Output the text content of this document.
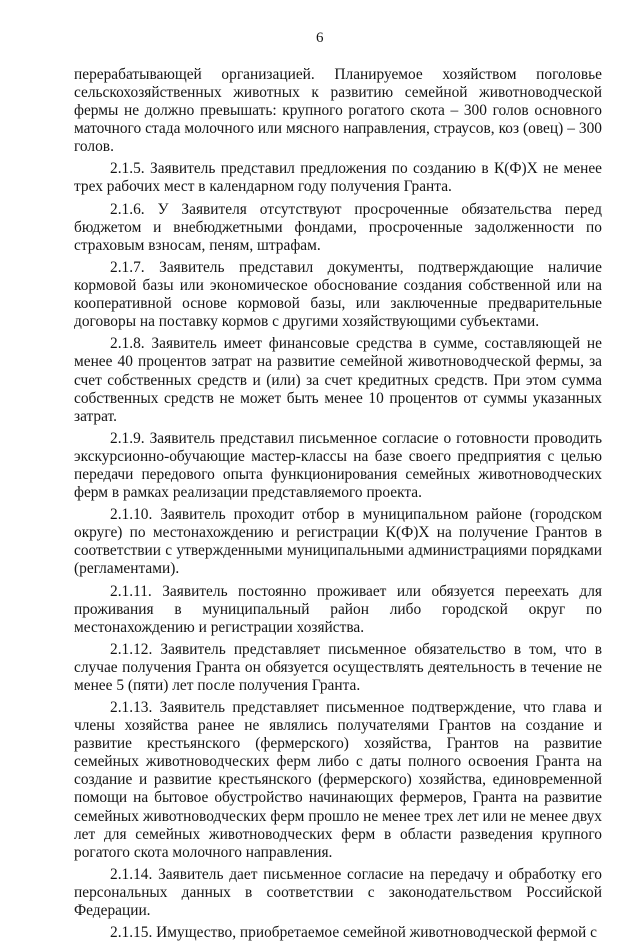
6

перерабатывающей организацией. Планируемое хозяйством поголовье сельскохозяйственных животных к развитию семейной животноводческой фермы не должно превышать: крупного рогатого скота – 300 голов основного маточного стада молочного или мясного направления, страусов, коз (овец) – 300 голов.

2.1.5. Заявитель представил предложения по созданию в К(Ф)Х не менее трех рабочих мест в календарном году получения Гранта.

2.1.6. У Заявителя отсутствуют просроченные обязательства перед бюджетом и внебюджетными фондами, просроченные задолженности по страховым взносам, пеням, штрафам.

2.1.7. Заявитель представил документы, подтверждающие наличие кормовой базы или экономическое обоснование создания собственной или на кооперативной основе кормовой базы, или заключенные предварительные договоры на поставку кормов с другими хозяйствующими субъектами.

2.1.8. Заявитель имеет финансовые средства в сумме, составляющей не менее 40 процентов затрат на развитие семейной животноводческой фермы, за счет собственных средств и (или) за счет кредитных средств. При этом сумма собственных средств не может быть менее 10 процентов от суммы указанных затрат.

2.1.9. Заявитель представил письменное согласие о готовности проводить экскурсионно-обучающие мастер-классы на базе своего предприятия с целью передачи передового опыта функционирования семейных животноводческих ферм в рамках реализации представляемого проекта.

2.1.10. Заявитель проходит отбор в муниципальном районе (городском округе) по местонахождению и регистрации К(Ф)Х на получение Грантов в соответствии с утвержденными муниципальными администрациями порядками (регламентами).

2.1.11. Заявитель постоянно проживает или обязуется переехать для проживания в муниципальный район либо городской округ по местонахождению и регистрации хозяйства.

2.1.12. Заявитель представляет письменное обязательство в том, что в случае получения Гранта он обязуется осуществлять деятельность в течение не менее 5 (пяти) лет после получения Гранта.

2.1.13. Заявитель представляет письменное подтверждение, что глава и члены хозяйства ранее не являлись получателями Грантов на создание и развитие крестьянского (фермерского) хозяйства, Грантов на развитие семейных животноводческих ферм либо с даты полного освоения Гранта на создание и развитие крестьянского (фермерского) хозяйства, единовременной помощи на бытовое обустройство начинающих фермеров, Гранта на развитие семейных животноводческих ферм прошло не менее трех лет или не менее двух лет для семейных животноводческих ферм в области разведения крупного рогатого скота молочного направления.

2.1.14. Заявитель дает письменное согласие на передачу и обработку его персональных данных в соответствии с законодательством Российской Федерации.

2.1.15. Имущество, приобретаемое семейной животноводческой фермой с
